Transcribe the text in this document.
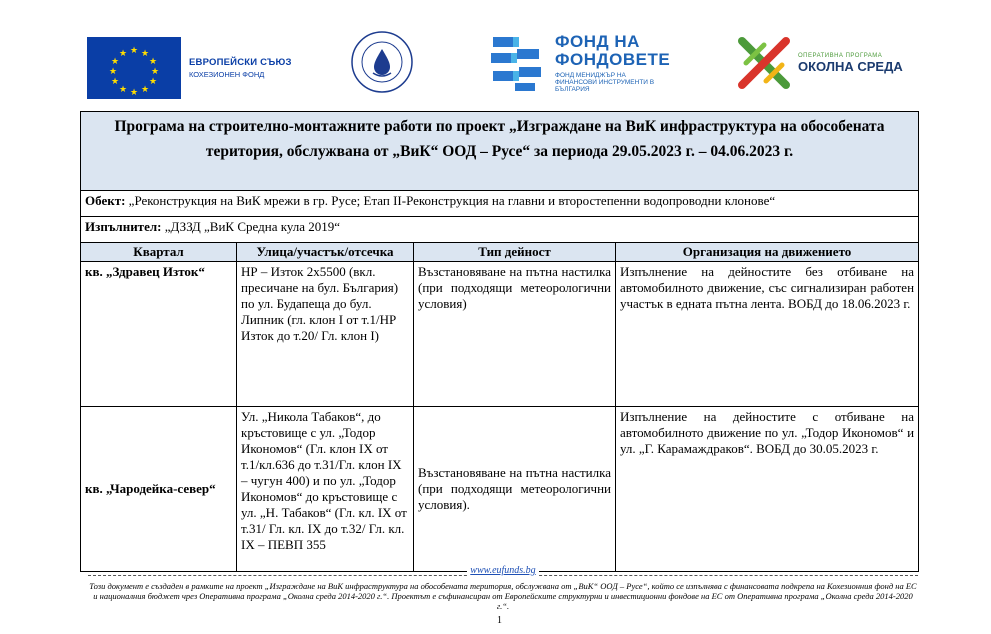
★ ★
★
★
★
★
★
★
★
★
★
★
ЕВРОПЕЙСКИ СЪЮЗ
КОХЕЗИОНЕН ФОНД
ФОНД НА
ФОНДОВЕТЕ
ФОНД МЕНИДЖЪР НА ФИНАНСОВИ ИНСТРУМЕНТИ В БЪЛГАРИЯ
ОПЕРАТИВНА ПРОГРАМА
ОКОЛНА СРЕДА
Програма на строително-монтажните работи по проект „Изграждане на ВиК инфраструктура на обособената територия, обслужвана от „ВиК“ ООД – Русе“ за периода 29.05.2023 г. – 04.06.2023 г.			
Обект: „Реконструкция на ВиК мрежи в гр. Русе; Етап II-Реконструкция на главни и второстепенни водопроводни клонове“			
Изпълнител: „ДЗЗД „ВиК Средна кула 2019“			
Квартал	Улица/участък/отсечка	Тип дейност	Организация на движението
кв. „Здравец Изток“	НР – Изток 2х5500 (вкл. пресичане на бул. България) по ул. Будапеща до бул. Липник (гл. клон I от т.1/НР Изток до т.20/ Гл. клон I)	Възстановяване на пътна настилка (при подходящи метеорологични условия)	Изпълнение на дейностите без отбиване на автомобилното движение, със сигнализиран работен участък в едната пътна лента. ВОБД до 18.06.2023 г.
кв. „Чародейка-север“	Ул. „Никола Табаков“, до кръстовище с ул. „Тодор Икономов“ (Гл. клон IX от т.1/кл.636 до т.31/Гл. клон IX – чугун 400) и по ул. „Тодор Икономов“ до кръстовище с ул. „Н. Табаков“ (Гл. кл. IX от т.31/ Гл. кл. IX до т.32/ Гл. кл. IX – ПЕВП 355	Възстановяване на пътна настилка (при подходящи метеорологични условия).	Изпълнение на дейностите с отбиване на автомобилното движение по ул. „Тодор Икономов“ и ул. „Г. Карамаждраков“. ВОБД до 30.05.2023 г.
www.eufunds.bg
Този документ е създаден в рамките на проект „Изграждане на ВиК инфраструктура на обособената територия, обслужвана от „ВиК“ ООД – Русе“, който се изпълнява с финансовата подкрепа на Кохезионния фонд на ЕС и националния бюджет чрез Оперативна програма „Околна среда 2014-2020 г.“. Проектът е съфинансиран от Европейските структурни и инвестиционни фондове на ЕС от Оперативна програма „Околна среда 2014-2020 г.“.
1
